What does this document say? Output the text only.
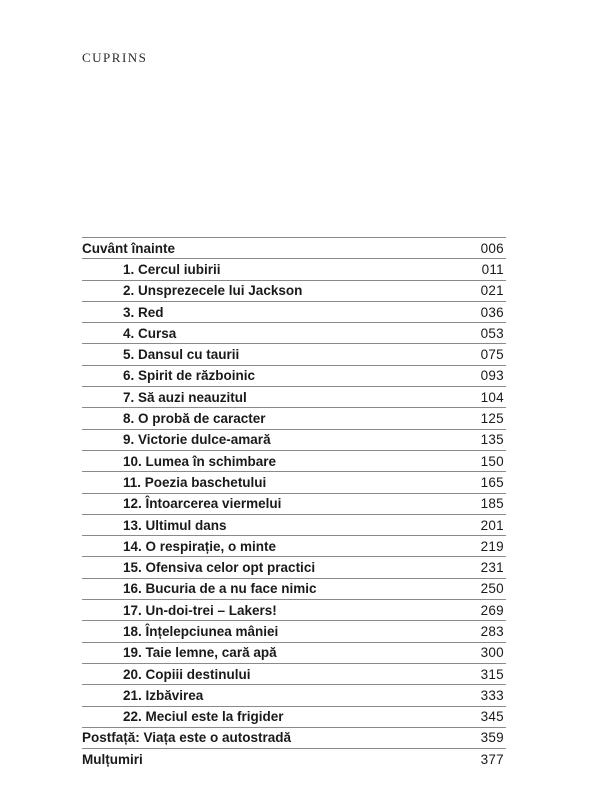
CUPRINS
Cuvânt înainte	006
1. Cercul iubirii	011
2. Unsprezecele lui Jackson	021
3. Red	036
4. Cursa	053
5. Dansul cu taurii	075
6. Spirit de războinic	093
7. Să auzi neauzitul	104
8. O probă de caracter	125
9. Victorie dulce-amară	135
10. Lumea în schimbare	150
11. Poezia baschetului	165
12. Întoarcerea viermelui	185
13. Ultimul dans	201
14. O respirație, o minte	219
15. Ofensiva celor opt practici	231
16. Bucuria de a nu face nimic	250
17. Un-doi-trei – Lakers!	269
18. Înțelepciunea mâniei	283
19. Taie lemne, cară apă	300
20. Copiii destinului	315
21. Izbăvirea	333
22. Meciul este la frigider	345
Postfață: Viața este o autostradă	359
Mulțumiri	377
